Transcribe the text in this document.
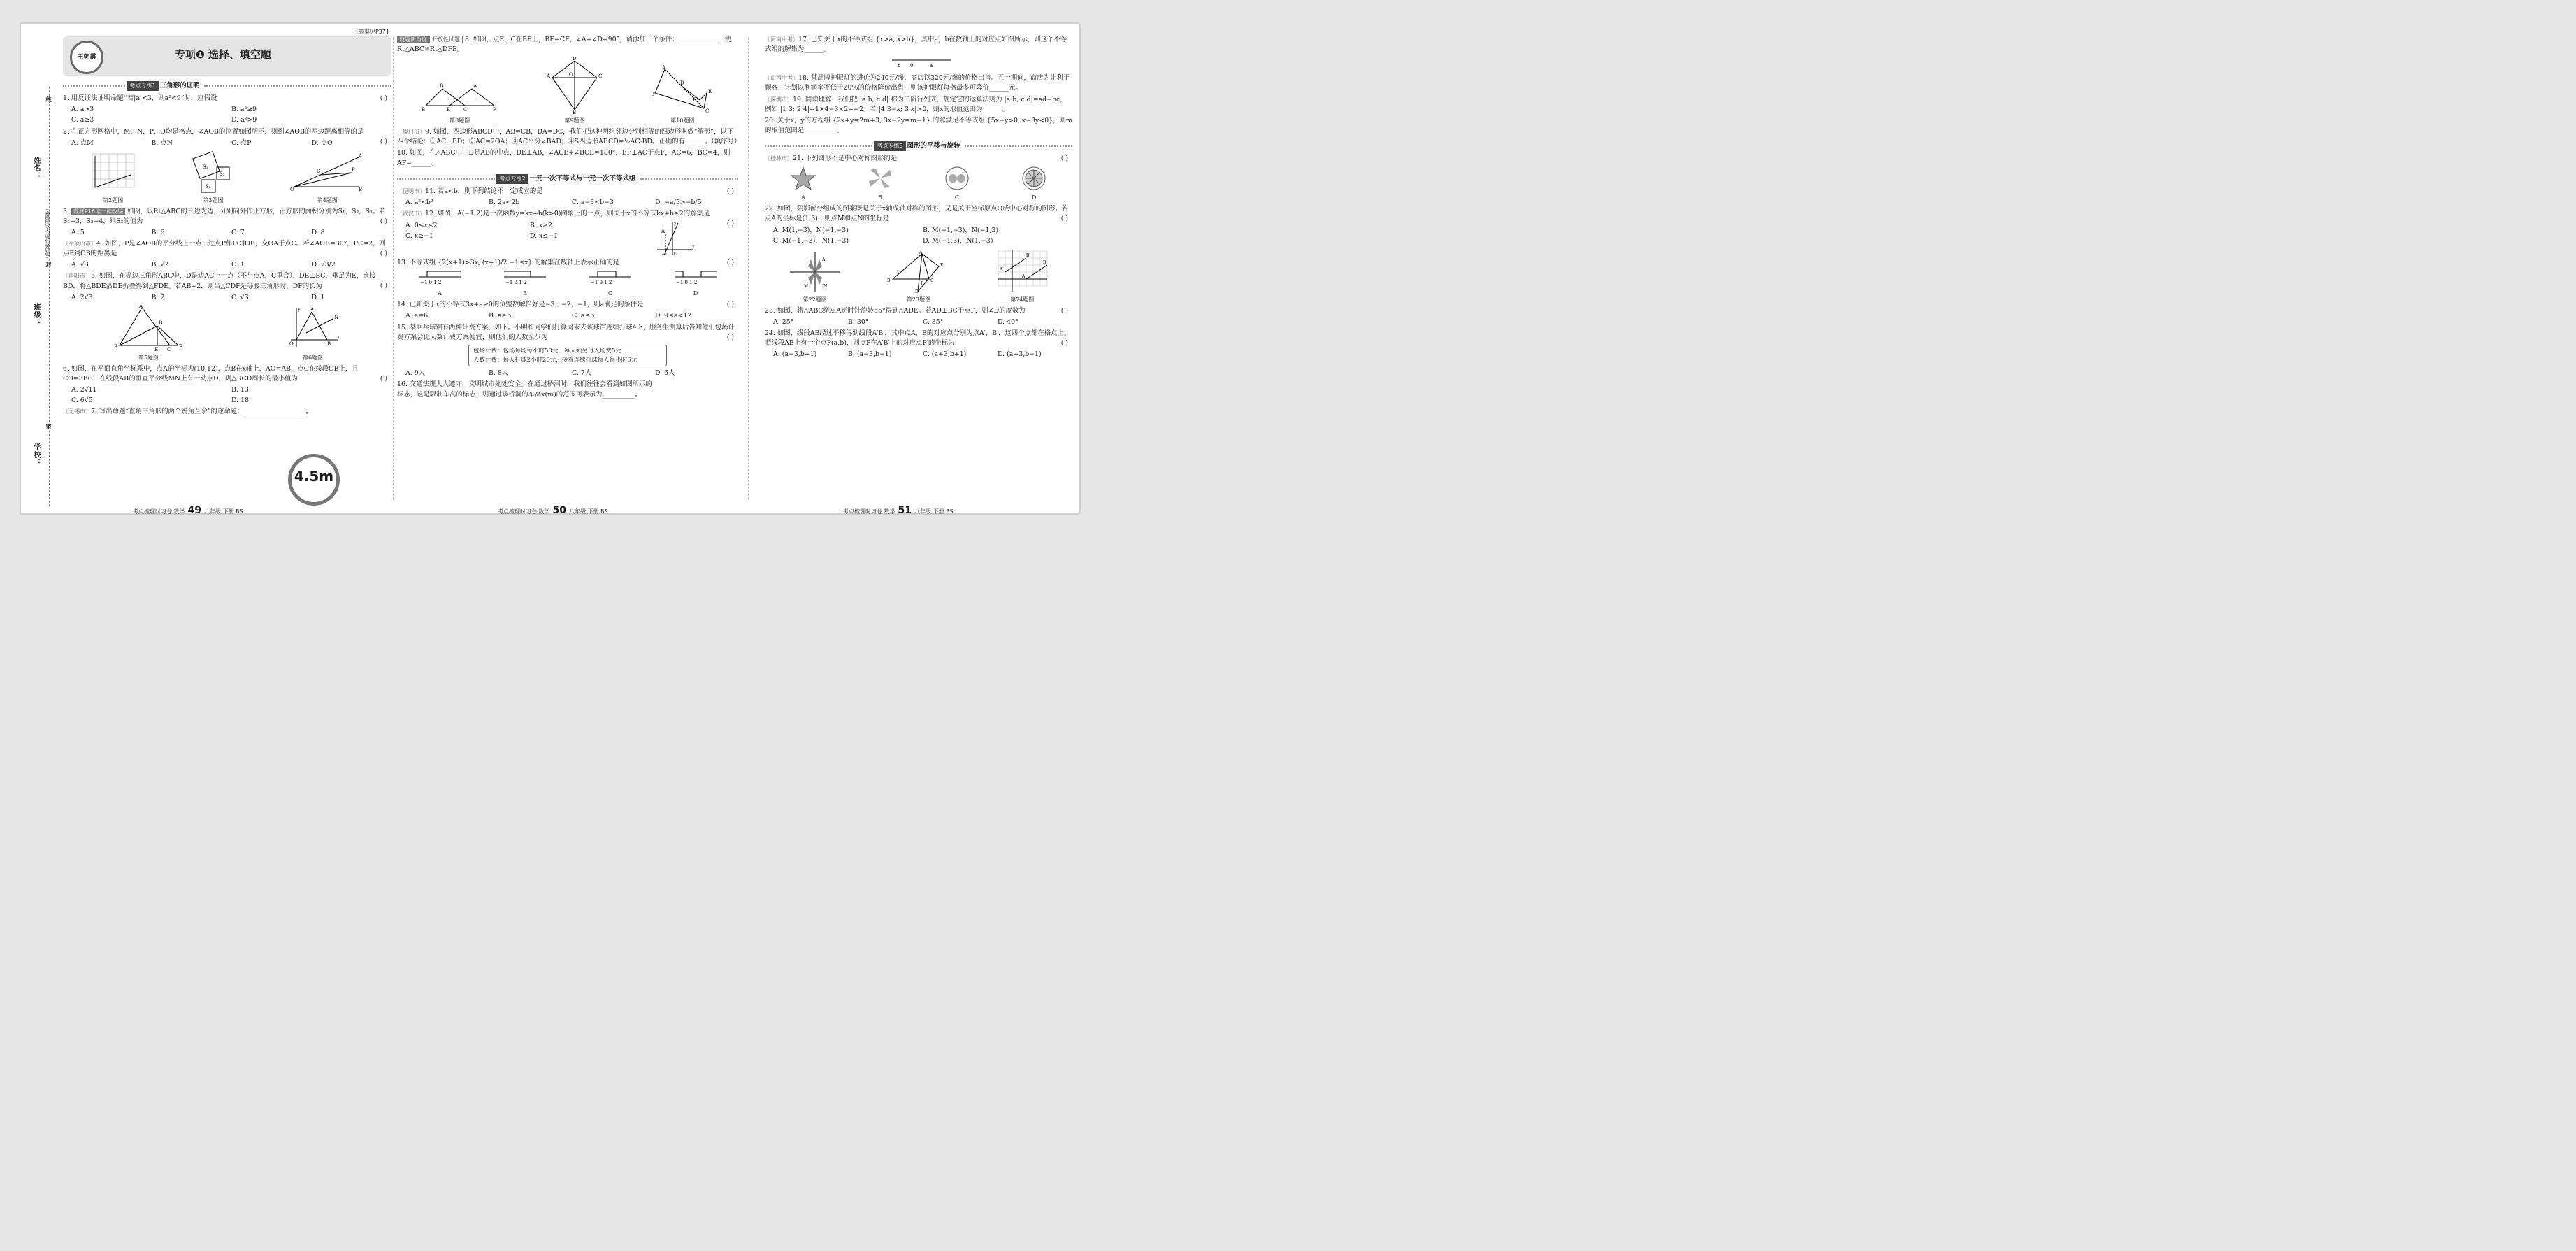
姓名：
班级：
学校：
（密封线内请勿答题）
线
封
密
【答案见P37】
王朝霞	专项❶ 选择、填空题
考点专练1 三角形的证明
1. 用反证法证明命题“若|a|<3，则a²<9”时，应假设	( )
A. a>3	B. a²≥9
C. a≥3	D. a²>9
2. 在正方形网格中，M，N，P，Q均是格点，∠AOB的位置如图所示，则到∠AOB的两边距离相等的是
( )
A. 点M	B. 点N	C. 点P	D. 点Q
第2题图
S₁
S₂
S₃
第3题图
O
A
B
P
C
第4题图
3. 教材P16读一读改编 如图，以Rt△ABC的三边为边，分别向外作正方形，正方形的面积分别为S₁，S₂，S₃。若S₁=3，S₂=4，则S₃的值为	( )
A. 5	B. 6	C. 7	D. 8
〔平顶山市〕4. 如图，P是∠AOB的平分线上一点，过点P作PC∥OB，交OA于点C。若∠AOB=30°，PC=2，则点P到OB的距离是	( )
A. √3	B. √2	C. 1	D. √3/2
〔南阳市〕5. 如图，在等边三角形ABC中，D是边AC上一点（不与点A，C重合），DE⊥BC，垂足为E，连接BD，将△BDE沿DE折叠得到△FDE。若AB=2，则当△CDF是等腰三角形时，DF的长为	( )
A. 2√3	B. 2	C. √3	D. 1
A
B	C F
E
D
第5题图
A
O	B
N
x
y
第6题图
6. 如图，在平面直角坐标系中，点A的坐标为(10,12)，点B在x轴上，AO=AB，点C在线段OB上，且CO=3BC，在线段AB的垂直平分线MN上有一动点D，则△BCD周长的最小值为	( )
A. 2√11	B. 13
C. 6√5	D. 18
〔无锡市〕7. 写出命题“直角三角形的两个锐角互余”的逆命题：___________________。
设题新角度 开放性试题 8. 如图，点E，C在BF上，BE=CF，∠A=∠D=90°，请添加一个条件：____________，使Rt△ABC≌Rt△DFE。
B	E	C	F
D	A
第8题图
D
A	C
B
O
第9题图
A
B
C
E
F
D
第10题图
〔厦门市〕9. 如图，四边形ABCD中，AB=CB，DA=DC，我们把这种两组邻边分别相等的四边形叫做“筝形”，以下四个结论：①AC⊥BD；②AC=2OA；③AC平分∠BAD；④S四边形ABCD=½AC·BD。正确的有______。（填序号）
10. 如图，在△ABC中，D是AB的中点，DE⊥AB，∠ACE+∠BCE=180°，EF⊥AC于点F，AC=6，BC=4，则AF=______。
考点专练2 一元一次不等式与一元一次不等式组
〔昆明市〕11. 若a<b，则下列结论不一定成立的是	( )
A. a²<b²	B. 2a<2b	C. a−3<b−3	D. −a/5>−b/5
〔武汉市〕12. 如图，A(−1,2)是一次函数y=kx+b(k>0)图象上的一点，则关于x的不等式kx+b≥2的解集是
( )
A. 0≤x≤2	B. x≥2
C. x≥−1	D. x≤−1
A
−1 O
x
y
13. 不等式组 {2(x+1)>3x, (x+1)/2 −1≤x} 的解集在数轴上表示正确的是	( )
−1 0 1 2
A
−1 0 1 2
B
−1 0 1 2
C
−1 0 1 2
D
14. 已知关于x的不等式3x+a≥0的负整数解恰好是−3，−2，−1，则a满足的条件是	( )
A. a=6	B. a≥6	C. a≤6	D. 9≤a<12
15. 某乒乓球馆有两种计费方案，如下。小明和同学们打算周末去该球馆连续打球4 h，服务生测算后告知他们包场计费方案会比人数计费方案便宜，则他们的人数至少为	( )
包场计费：包场每场每小时50元，每人须另付入场费5元
人数计费：每人打球2小时20元，接着连续打球每人每小时6元
A. 9人	B. 8人	C. 7人	D. 6人
16. 交通法规人人遵守，文明城市处处安全。在通过桥洞时，我们往往会看到如图所示的标志，这是限制车高的标志，则通过该桥洞的车高x(m)的范围可表示为__________。
4.5m
〔河南中考〕17. 已知关于x的不等式组 {x>a, x>b}，其中a，b在数轴上的对应点如图所示，则这个不等式组的解集为______。
b 0	a
〔山西中考〕18. 某品牌护眼灯的进价为240元/盏，商店以320元/盏的价格出售。五一期间，商店为让利于顾客，计划以利润率不低于20%的价格降价出售，则该护眼灯每盏最多可降价______元。
〔深圳市〕19. 阅读理解：我们把 |a b; c d| 称为二阶行列式，规定它的运算法则为 |a b; c d|=ad−bc，例如 |1 3; 2 4|=1×4−3×2=−2。若 |4 3−x; 3 x|>0，则x的取值范围为______。
20. 关于x，y的方程组 {2x+y=2m+3, 3x−2y=m−1} 的解满足不等式组 {5x−y>0, x−3y<0}，则m的取值范围是__________。
考点专练3 图形的平移与旋转
〔桂林市〕21. 下列图形不是中心对称图形的是	( )
A	B	C	D
22. 如图，阴影部分组成的图案既是关于x轴成轴对称的图形，又是关于坐标原点O成中心对称的图形。若点A的坐标是(1,3)，则点M和点N的坐标是	( )
A. M(1,−3)，N(−1,−3)	B. M(−1,−3)，N(−1,3)
C. M(−1,−3)，N(1,−3)	D. M(−1,3)，N(1,−3)
A
M	N
第22题图
A
B	C
D
E
F
第23题图
A′
B′
A
B
第24题图
23. 如图，将△ABC绕点A逆时针旋转55°得到△ADE。若AD⊥BC于点F，则∠D的度数为	( )
A. 25°	B. 30°	C. 35°	D. 40°
24. 如图，线段AB经过平移得到线段A′B′，其中点A，B的对应点分别为点A′，B′，这四个点都在格点上。若线段AB上有一个点P(a,b)，则点P在A′B′上的对应点P′的坐标为	( )
A. (a−3,b+1)	B. (a−3,b−1)	C. (a+3,b+1)	D. (a+3,b−1)
考点梳理时习卷 数学 49 八年级 下册 BS	考点梳理时习卷 数学 50 八年级 下册 BS	考点梳理时习卷 数学 51 八年级 下册 BS
